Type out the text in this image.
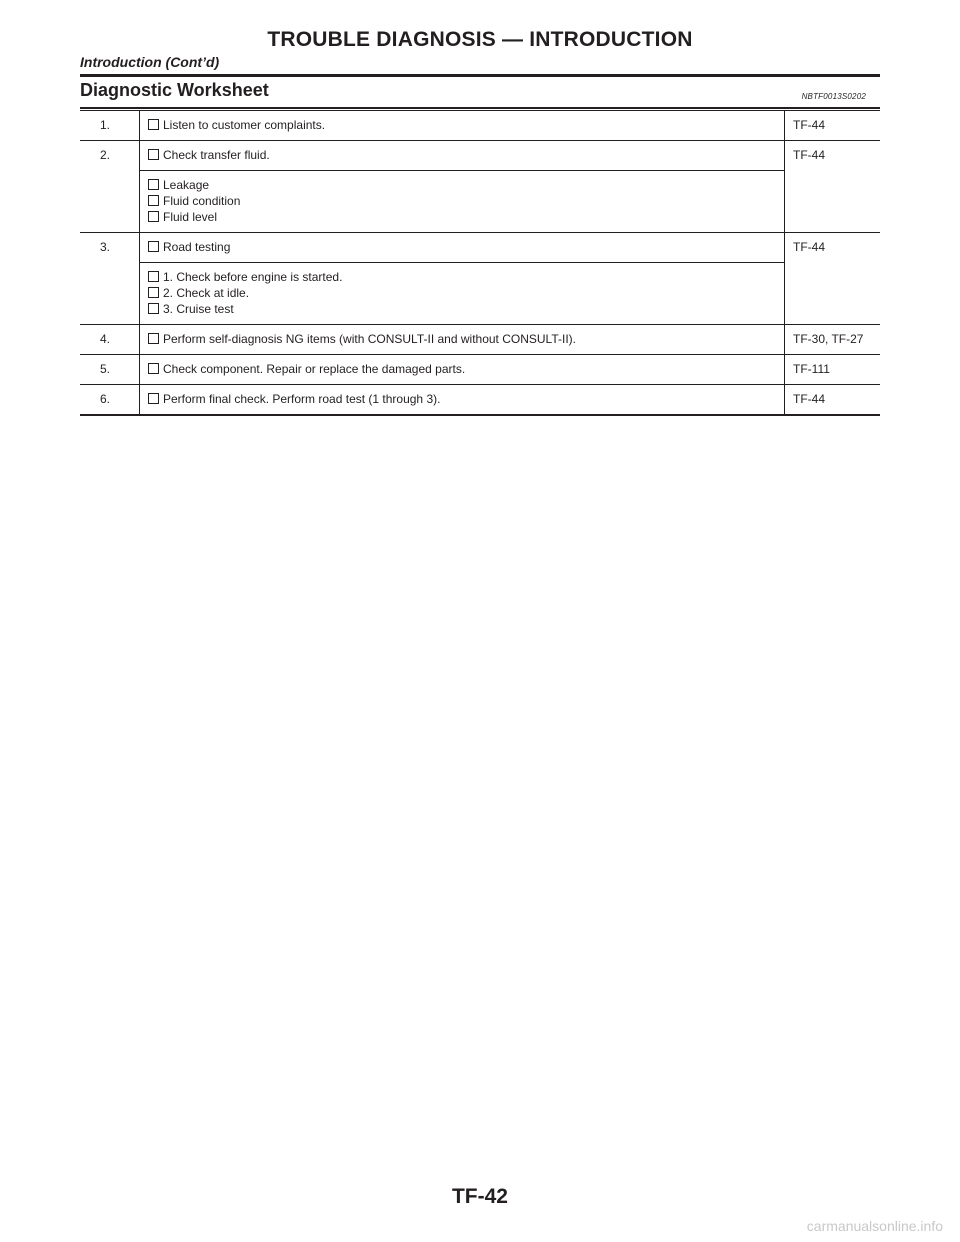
TROUBLE DIAGNOSIS — INTRODUCTION
Introduction (Cont’d)
Diagnostic Worksheet	NBTF0013S0202
1.	Listen to customer complaints.	TF-44
2.	Check transfer fluid.	TF-44

	Leakage
Fluid condition
Fluid level	

3.	Road testing	TF-44

	1. Check before engine is started.
2. Check at idle.
3. Cruise test	

4.	Perform self-diagnosis NG items (with CONSULT-II and without CONSULT-II).	TF-30, TF-27
5.	Check component. Repair or replace the damaged parts.	TF-111
6.	Perform final check. Perform road test (1 through 3).	TF-44
TF-42
carmanualsonline.info
